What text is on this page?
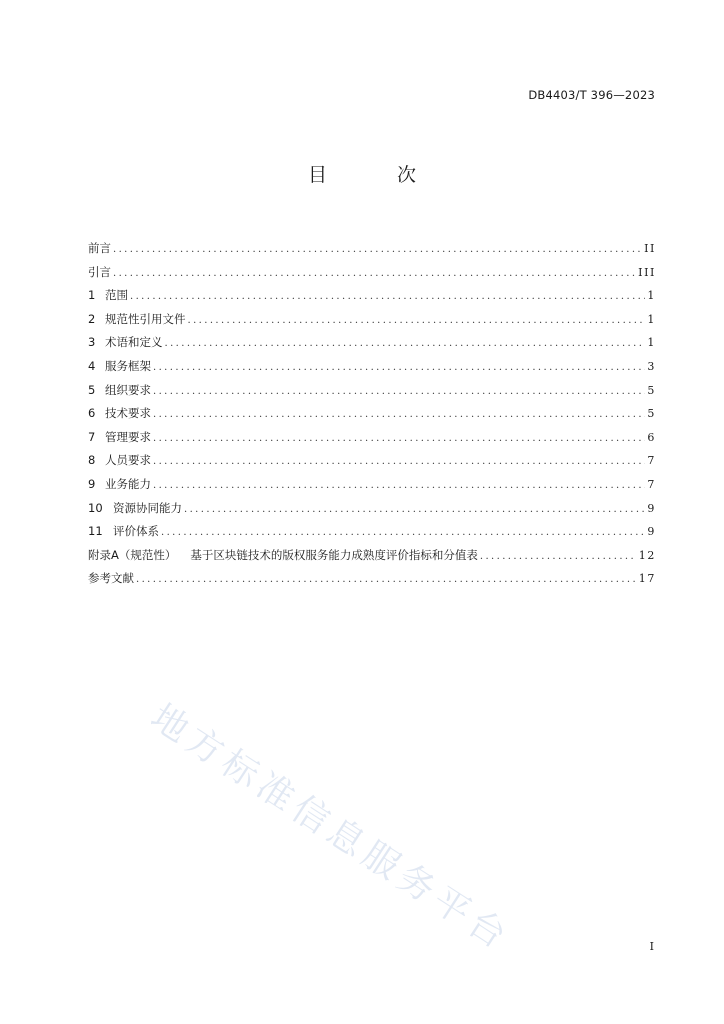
DB4403/T 396—2023
目 次
前言 .....	II
引言 .....	III
1 范围 .....	1
2 规范性引用文件 .....	1
3 术语和定义 .....	1
4 服务框架 .....	3
5 组织要求 .....	5
6 技术要求 .....	5
7 管理要求 .....	6
8 人员要求 .....	7
9 业务能力 .....	7
10 资源协同能力 .....	9
11 评价体系 .....	9
附录A（规范性） 基于区块链技术的版权服务能力成熟度评价指标和分值表 .....	12
参考文献 .....	17
地方标准信息服务平台	I
